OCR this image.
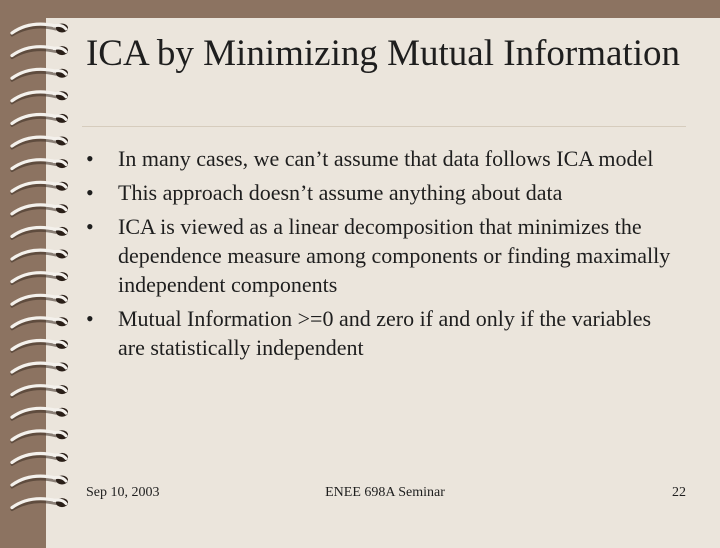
ICA by Minimizing Mutual Information
• In many cases, we can’t assume that data follows ICA model
• This approach doesn’t assume anything about data
• ICA is viewed as a linear decomposition that minimizes the dependence measure among components or finding maximally independent components
• Mutual Information >=0 and zero if and only if the variables are statistically independent
Sep 10, 2003	ENEE 698A Seminar	22
